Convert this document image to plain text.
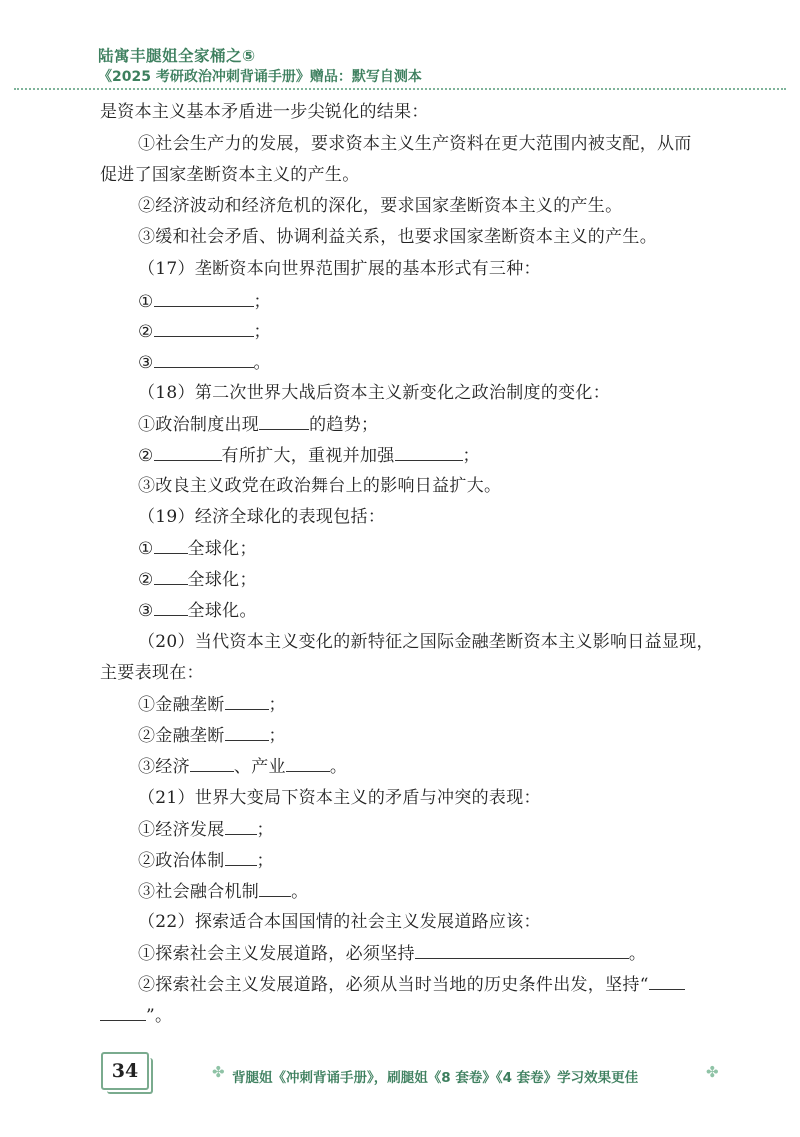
陆寓丰腿姐全家桶之⑤
《2025 考研政治冲刺背诵手册》赠品：默写自测本
是资本主义基本矛盾进一步尖锐化的结果：
①社会生产力的发展，要求资本主义生产资料在更大范围内被支配，从而
促进了国家垄断资本主义的产生。
②经济波动和经济危机的深化，要求国家垄断资本主义的产生。
③缓和社会矛盾、协调利益关系，也要求国家垄断资本主义的产生。
（17）垄断资本向世界范围扩展的基本形式有三种：
①	；
②	；
③	。
（18）第二次世界大战后资本主义新变化之政治制度的变化：
①政治制度出现	的趋势；
②	有所扩大，重视并加强	；
③改良主义政党在政治舞台上的影响日益扩大。
（19）经济全球化的表现包括：
① 全球化；
② 全球化；
③ 全球化。
（20）当代资本主义变化的新特征之国际金融垄断资本主义影响日益显现，
主要表现在：
①金融垄断	；
②金融垄断	；
③经济	、产业	。
（21）世界大变局下资本主义的矛盾与冲突的表现：
①经济发展 ；
②政治体制 ；
③社会融合机制 。
（22）探索适合本国国情的社会主义发展道路应该：
①探索社会主义发展道路，必须坚持	。
②探索社会主义发展道路，必须从当时当地的历史条件出发，坚持“
”。
34	✤ 背腿姐《冲刺背诵手册》，刷腿姐《8 套卷》《4 套卷》学习效果更佳	✤
